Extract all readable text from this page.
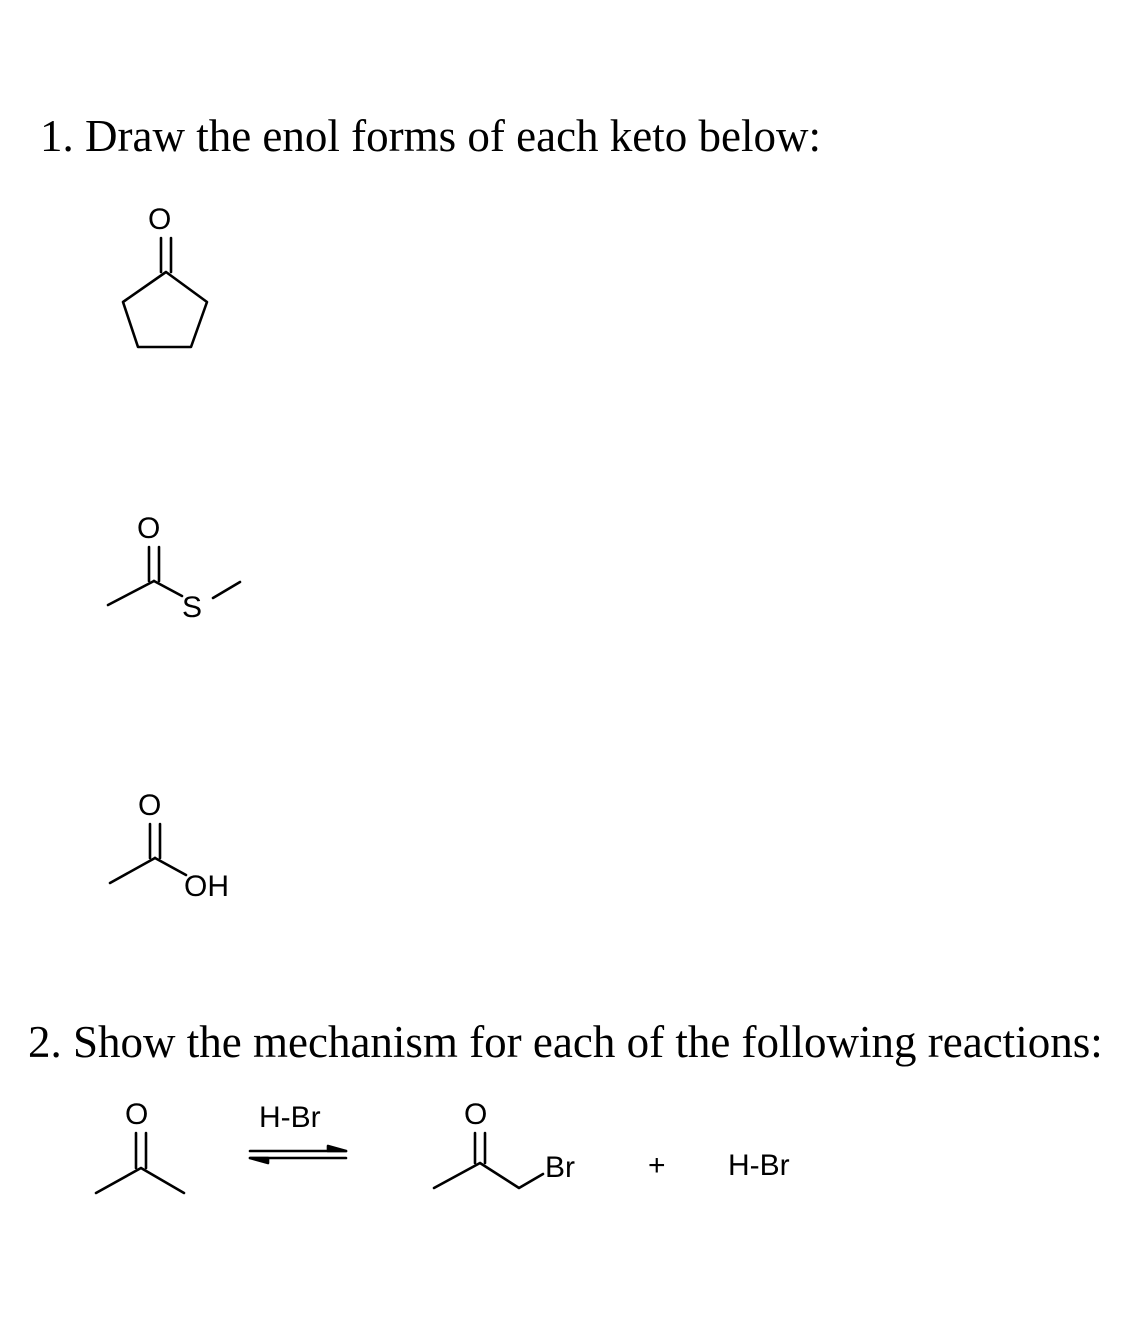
1. Draw the enol forms of each keto below:
2. Show the mechanism for each of the following reactions:
O
O
S
O
OH
O	H-Br	O
Br + H-Br
